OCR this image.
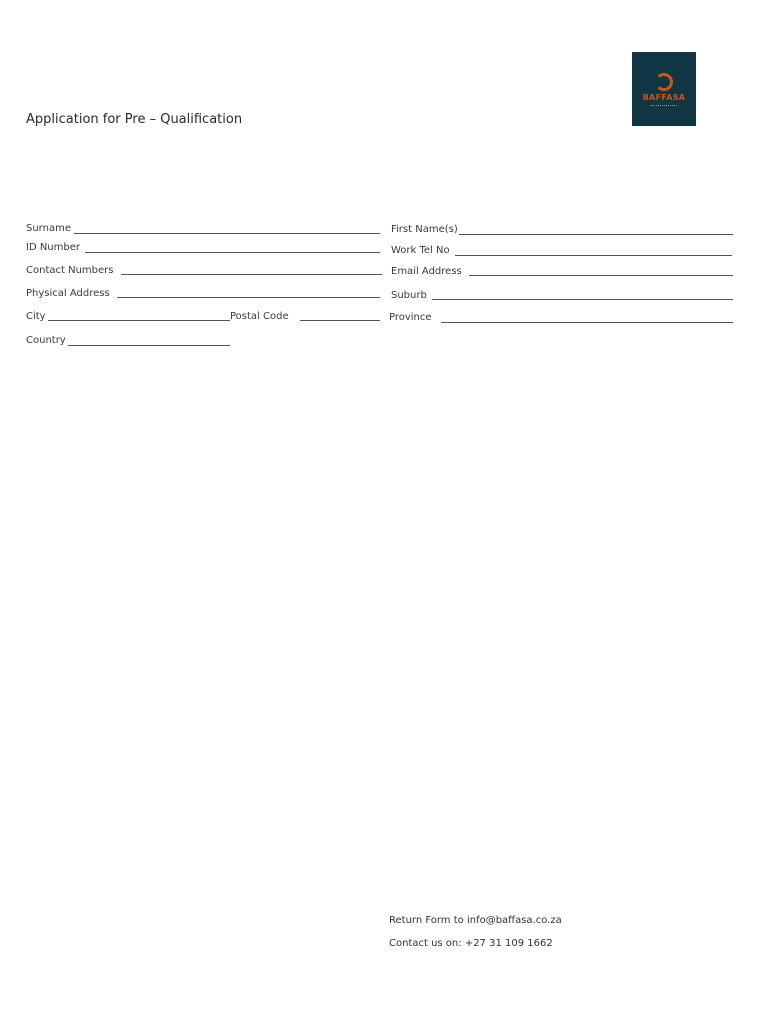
BAFFASA
Application for Pre – Qualification
Surname
ID Number
Contact Numbers
Physical Address
City	Postal Code
Country
First Name(s)
Work Tel No
Email Address
Suburb
Province
Return Form to info@baffasa.co.za
Contact us on: +27 31 109 1662
